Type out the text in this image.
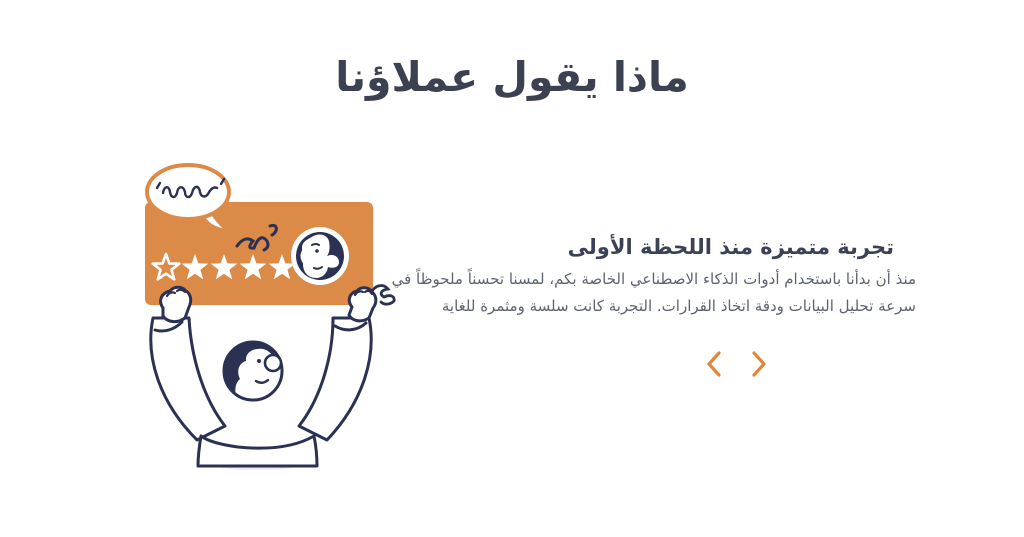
ماذا يقول عملاؤنا
تجربة متميزة منذ اللحظة الأولى
منذ أن بدأنا باستخدام أدوات الذكاء الاصطناعي الخاصة بكم، لمسنا تحسناً ملحوظاً في
سرعة تحليل البيانات ودقة اتخاذ القرارات. التجربة كانت سلسة ومثمرة للغاية
